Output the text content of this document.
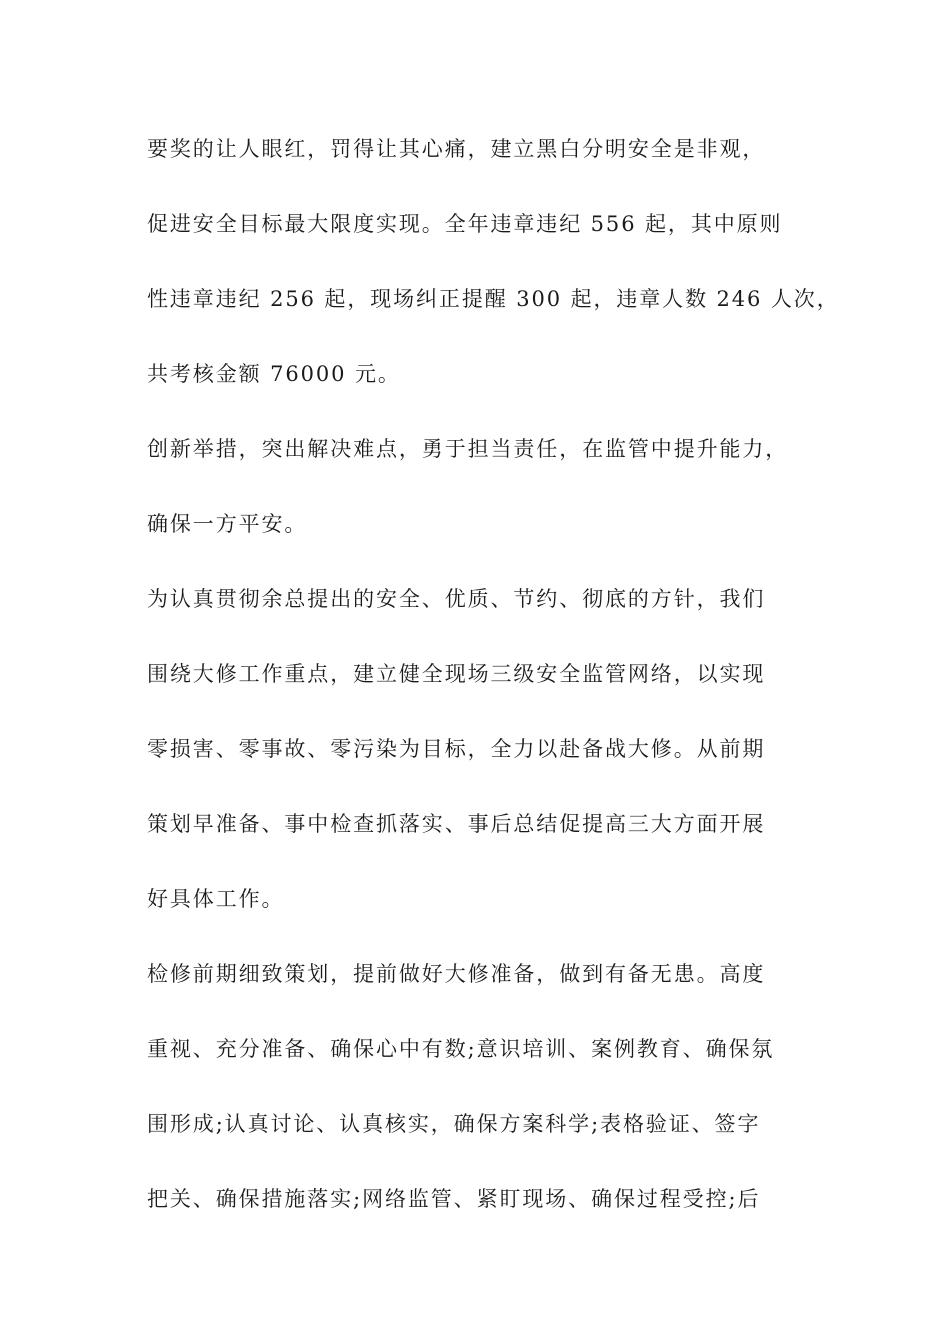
要奖的让人眼红，罚得让其心痛，建立黑白分明安全是非观，
促进安全目标最大限度实现。全年违章违纪 556 起，其中原则
性违章违纪 256 起，现场纠正提醒 300 起，违章人数 246 人次，
共考核金额 76000 元。
创新举措，突出解决难点，勇于担当责任，在监管中提升能力，
确保一方平安。
为认真贯彻余总提出的安全、优质、节约、彻底的方针，我们
围绕大修工作重点，建立健全现场三级安全监管网络，以实现
零损害、零事故、零污染为目标，全力以赴备战大修。从前期
策划早准备、事中检查抓落实、事后总结促提高三大方面开展
好具体工作。
检修前期细致策划，提前做好大修准备，做到有备无患。高度
重视、充分准备、确保心中有数;意识培训、案例教育、确保氛
围形成;认真讨论、认真核实，确保方案科学;表格验证、签字
把关、确保措施落实;网络监管、紧盯现场、确保过程受控;后
